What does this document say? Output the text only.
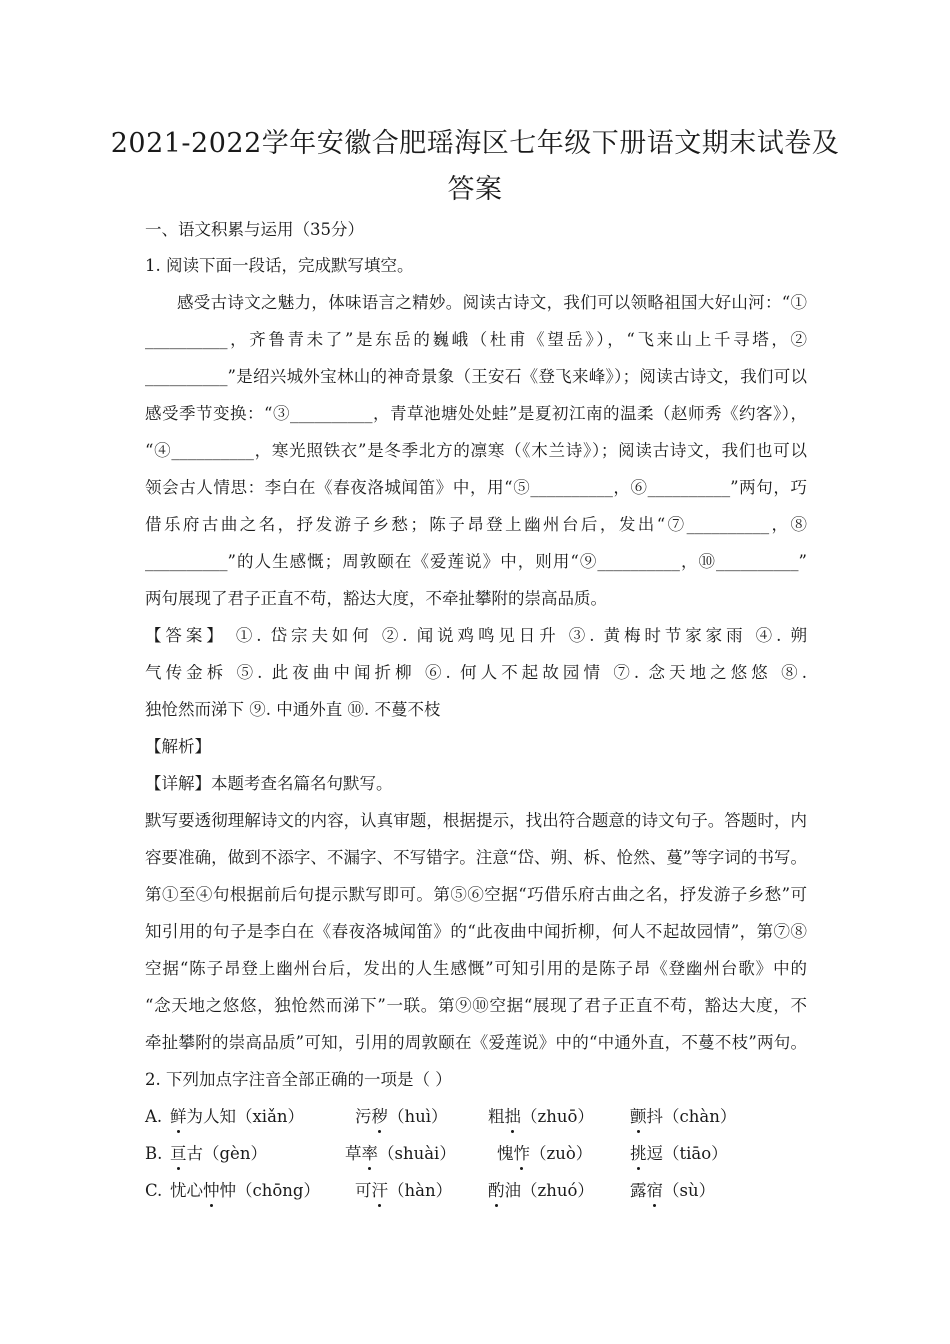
2021-2022学年安徽合肥瑶海区七年级下册语文期末试卷及
答案
一、语文积累与运用（35分）
1. 阅读下面一段话，完成默写填空。
感受古诗文之魅力，体味语言之精妙。阅读古诗文，我们可以领略祖国大好山河：“①
__________，齐鲁青未了”是东岳的巍峨（杜甫《望岳》），“飞来山上千寻塔，②
__________”是绍兴城外宝林山的神奇景象（王安石《登飞来峰》）；阅读古诗文，我们可以
感受季节变换：“③__________，青草池塘处处蛙”是夏初江南的温柔（赵师秀《约客》），
“④__________，寒光照铁衣”是冬季北方的凛寒（《木兰诗》）；阅读古诗文，我们也可以
领会古人情思：李白在《春夜洛城闻笛》中，用“⑤__________，⑥__________”两句，巧
借乐府古曲之名，抒发游子乡愁；陈子昂登上幽州台后，发出“⑦__________，⑧
__________”的人生感慨；周敦颐在《爱莲说》中，则用“⑨__________，⑩__________”
两句展现了君子正直不苟，豁达大度，不牵扯攀附的崇高品质。
【答案】 ①. 岱宗夫如何 ②. 闻说鸡鸣见日升 ③. 黄梅时节家家雨 ④. 朔
气传金柝 ⑤. 此夜曲中闻折柳 ⑥. 何人不起故园情 ⑦. 念天地之悠悠 ⑧.
独怆然而涕下 ⑨. 中通外直 ⑩. 不蔓不枝
【解析】
【详解】本题考查名篇名句默写。
默写要透彻理解诗文的内容，认真审题，根据提示，找出符合题意的诗文句子。答题时，内
容要准确，做到不添字、不漏字、不写错字。注意“岱、朔、柝、怆然、蔓”等字词的书写。
第①至④句根据前后句提示默写即可。第⑤⑥空据“巧借乐府古曲之名，抒发游子乡愁”可
知引用的句子是李白在《春夜洛城闻笛》的“此夜曲中闻折柳，何人不起故园情”，第⑦⑧
空据“陈子昂登上幽州台后，发出的人生感慨”可知引用的是陈子昂《登幽州台歌》中的
“念天地之悠悠，独怆然而涕下”一联。第⑨⑩空据“展现了君子正直不苟，豁达大度，不
牵扯攀附的崇高品质”可知，引用的周敦颐在《爱莲说》中的“中通外直，不蔓不枝”两句。
2. 下列加点字注音全部正确的一项是（ ）
A. 鲜为人知（xiǎn）	污秽（huì） 粗拙（zhuō） 颤抖（chàn）
B. 亘古（gèn）	草率（shuài） 愧怍（zuò） 挑逗（tiāo）
C. 忧心忡忡（chōng） 可汗（hàn） 酌油（zhuó） 露宿（sù）
